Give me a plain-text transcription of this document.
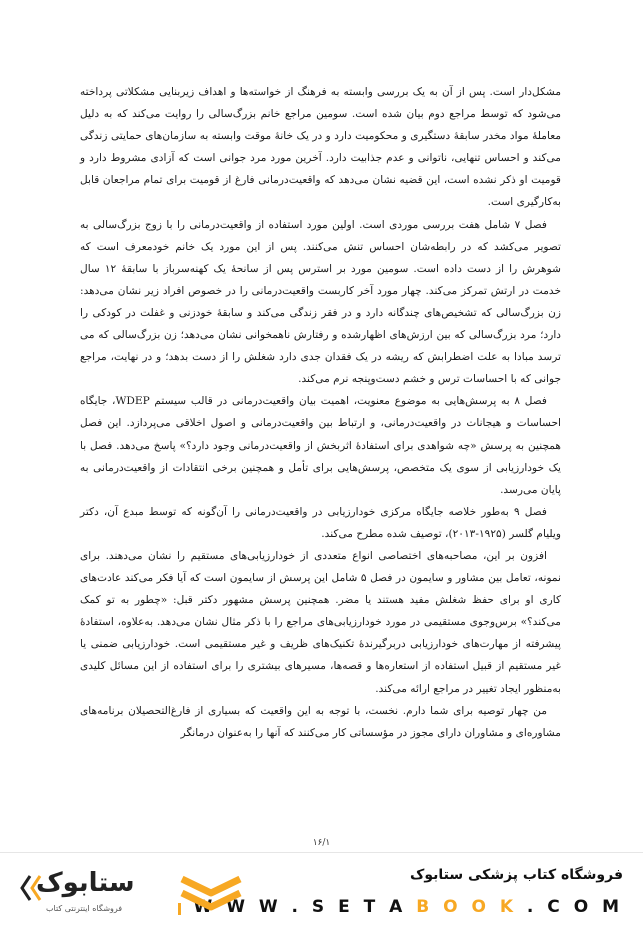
مشکل‌دار است. پس از آن به یک بررسی وابسته به فرهنگ از خواسته‌ها و اهداف زیربنایی مشکلاتی پرداخته می‌شود که توسط مراجع دوم بیان شده است. سومین مراجع خانم بزرگ‌سالی را روایت می‌کند که به دلیل معاملهٔ مواد مخدر سابقهٔ دستگیری و محکومیت دارد و در یک خانهٔ موقت وابسته به سازمان‌های حمایتی زندگی می‌کند و احساس تنهایی، ناتوانی و عدم جذابیت دارد. آخرین مورد مرد جوانی است که آزادی مشروط دارد و قومیت او ذکر نشده است، این قضیه نشان می‌دهد که واقعیت‌درمانی فارغ از قومیت برای تمام مراجعان قابل به‌کارگیری است.

فصل ۷ شامل هفت بررسی موردی است. اولین مورد استفاده از واقعیت‌درمانی را با زوج بزرگ‌سالی به تصویر می‌کشد که در رابطه‌شان احساس تنش می‌کنند. پس از این مورد یک خانم خودمعرف است که شوهرش را از دست داده است. سومین مورد بر استرس پس از سانحهٔ یک کهنه‌سرباز با سابقهٔ ۱۲ سال خدمت در ارتش تمرکز می‌کند. چهار مورد آخر کاربست واقعیت‌درمانی را در خصوص افراد زیر نشان می‌دهد: زن بزرگ‌سالی که تشخیص‌های چندگانه دارد و در فقر زندگی می‌کند و سابقهٔ خودزنی و غفلت در کودکی را دارد؛ مرد بزرگ‌سالی که بین ارزش‌های اظهارشده و رفتارش ناهمخوانی نشان می‌دهد؛ زن بزرگ‌سالی که می ترسد مبادا به علت اضطرابش که ریشه در یک فقدان جدی دارد شغلش را از دست بدهد؛ و در نهایت، مراجع جوانی که با احساسات ترس و خشم دست‌وپنجه نرم می‌کند.

فصل ۸ به پرسش‌هایی به موضوع معنویت، اهمیت بیان واقعیت‌درمانی در قالب سیستم WDEP، جایگاه احساسات و هیجانات در واقعیت‌درمانی، و ارتباط بین واقعیت‌درمانی و اصول اخلاقی می‌پردازد. این فصل همچنین به پرسش «چه شواهدی برای استفادهٔ اثربخش از واقعیت‌درمانی وجود دارد؟» پاسخ می‌دهد. فصل با یک خودارزیابی از سوی یک متخصص، پرسش‌هایی برای تأمل و همچنین برخی انتقادات از واقعیت‌درمانی به پایان می‌رسد.

فصل ۹ به‌طور خلاصه جایگاه مرکزی خودارزیابی در واقعیت‌درمانی را آن‌گونه که توسط مبدع آن، دکتر ویلیام گلسر (۱۹۲۵-۲۰۱۳)، توصیف شده مطرح می‌کند.

افزون بر این، مصاحبه‌های اختصاصی انواع متعددی از خودارزیابی‌های مستقیم را نشان می‌دهند. برای نمونه، تعامل بین مشاور و سایمون در فصل ۵ شامل این پرسش از سایمون است که آیا فکر می‌کند عادت‌های کاری او برای حفظ شغلش مفید هستند یا مضر. همچنین پرسش مشهور دکتر قبل: «چطور به تو کمک می‌کند؟» برس‌وجوی مستقیمی در مورد خودارزیابی‌های مراجع را با ذکر مثال نشان می‌دهد. به‌علاوه، استفادهٔ پیشرفته از مهارت‌های خودارزیابی دربرگیرندهٔ تکنیک‌های ظریف و غیر مستقیمی است. خودارزیابی ضمنی یا غیر مستقیم از قبیل استفاده از استعاره‌ها و قصه‌ها، مسیرهای بیشتری را برای استفاده از این مسائل کلیدی به‌منظور ایجاد تغییر در مراجع ارائه می‌کند.

من چهار توصیه برای شما دارم. نخست، با توجه به این واقعیت که بسیاری از فارغ‌التحصیلان برنامه‌های مشاوره‌ای و مشاوران دارای مجوز در مؤسساتی کار می‌کنند که آنها را به‌عنوان درمانگر

۱۶/۱
فروشگاه کتاب پزشکی ستابوک
W W W . S E T A B O O K . C O M
ستابوک
فروشگاه اینترنتی کتاب
